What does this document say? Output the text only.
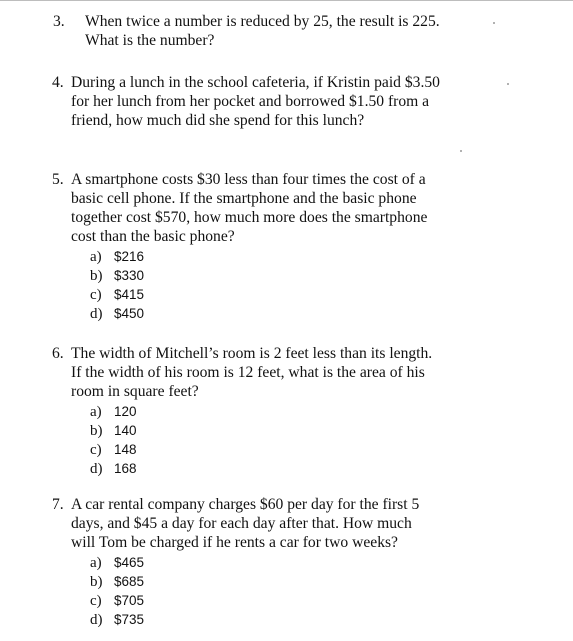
3. When twice a number is reduced by 25, the result is 225.
What is the number?
4. During a lunch in the school cafeteria, if Kristin paid $3.50
for her lunch from her pocket and borrowed $1.50 from a
friend, how much did she spend for this lunch?
5. A smartphone costs $30 less than four times the cost of a
basic cell phone. If the smartphone and the basic phone
together cost $570, how much more does the smartphone
cost than the basic phone?
a) $216
b) $330
c) $415
d) $450
6. The width of Mitchell’s room is 2 feet less than its length.
If the width of his room is 12 feet, what is the area of his
room in square feet?
a) 120
b) 140
c) 148
d) 168
7. A car rental company charges $60 per day for the first 5
days, and $45 a day for each day after that. How much
will Tom be charged if he rents a car for two weeks?
a) $465
b) $685
c) $705
d) $735
